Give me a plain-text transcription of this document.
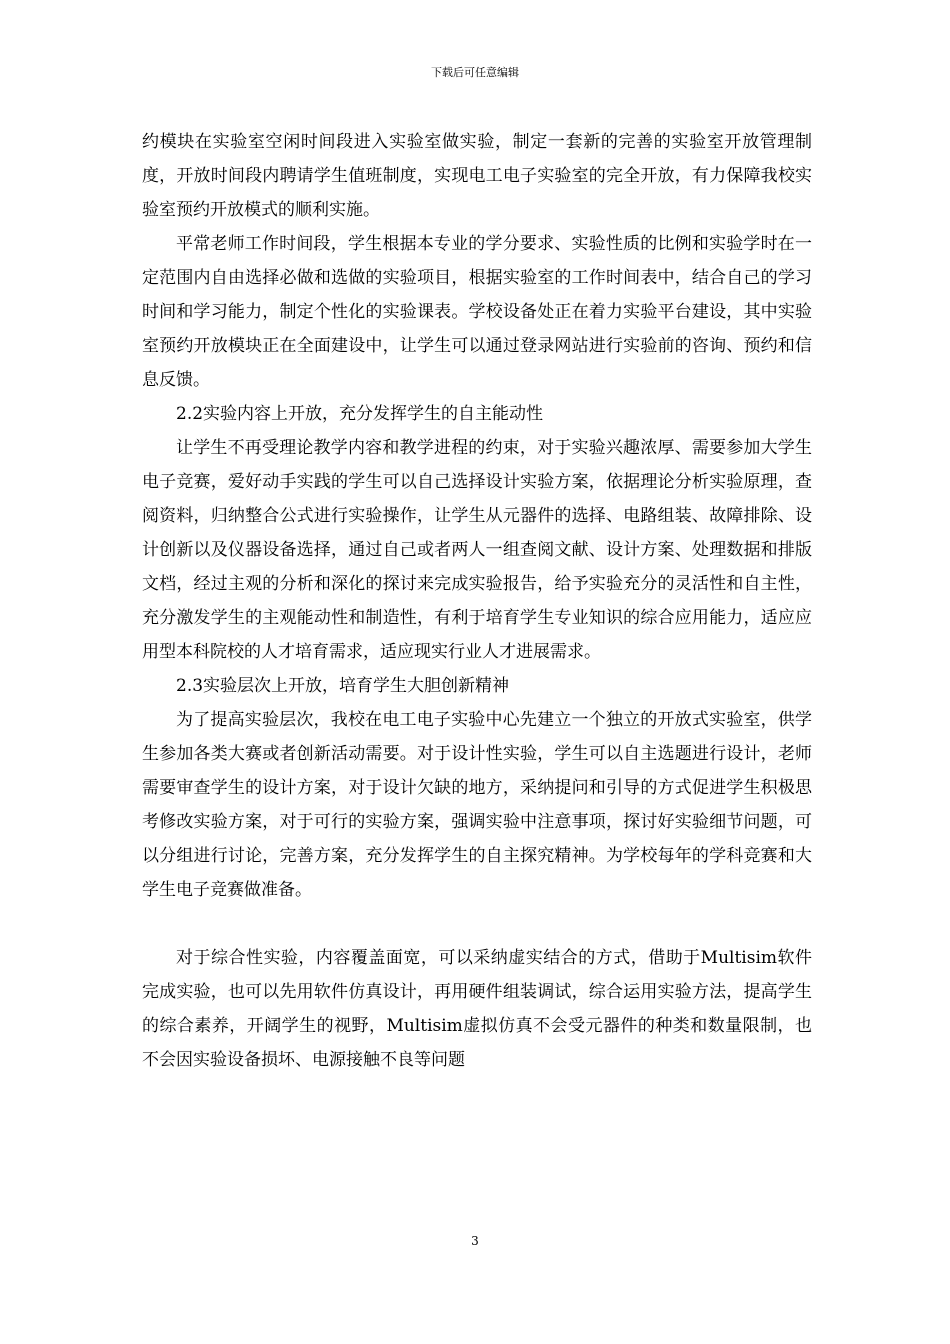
下载后可任意编辑

约模块在实验室空闲时间段进入实验室做实验，制定一套新的完善的实验室开放管理制度，开放时间段内聘请学生值班制度，实现电工电子实验室的完全开放，有力保障我校实验室预约开放模式的顺利实施。

平常老师工作时间段，学生根据本专业的学分要求、实验性质的比例和实验学时在一定范围内自由选择必做和选做的实验项目，根据实验室的工作时间表中，结合自己的学习时间和学习能力，制定个性化的实验课表。学校设备处正在着力实验平台建设，其中实验室预约开放模块正在全面建设中，让学生可以通过登录网站进行实验前的咨询、预约和信息反馈。

2.2实验内容上开放，充分发挥学生的自主能动性

让学生不再受理论教学内容和教学进程的约束，对于实验兴趣浓厚、需要参加大学生电子竞赛，爱好动手实践的学生可以自己选择设计实验方案，依据理论分析实验原理，查阅资料，归纳整合公式进行实验操作，让学生从元器件的选择、电路组装、故障排除、设计创新以及仪器设备选择，通过自己或者两人一组查阅文献、设计方案、处理数据和排版文档，经过主观的分析和深化的探讨来完成实验报告，给予实验充分的灵活性和自主性，充分激发学生的主观能动性和制造性，有利于培育学生专业知识的综合应用能力，适应应用型本科院校的人才培育需求，适应现实行业人才进展需求。

2.3实验层次上开放，培育学生大胆创新精神

为了提高实验层次，我校在电工电子实验中心先建立一个独立的开放式实验室，供学生参加各类大赛或者创新活动需要。对于设计性实验，学生可以自主选题进行设计，老师需要审查学生的设计方案，对于设计欠缺的地方，采纳提问和引导的方式促进学生积极思考修改实验方案，对于可行的实验方案，强调实验中注意事项，探讨好实验细节问题，可以分组进行讨论，完善方案，充分发挥学生的自主探究精神。为学校每年的学科竞赛和大学生电子竞赛做准备。

对于综合性实验，内容覆盖面宽，可以采纳虚实结合的方式，借助于Multisim软件完成实验，也可以先用软件仿真设计，再用硬件组装调试，综合运用实验方法，提高学生的综合素养，开阔学生的视野，Multisim虚拟仿真不会受元器件的种类和数量限制，也不会因实验设备损坏、电源接触不良等问题

3
